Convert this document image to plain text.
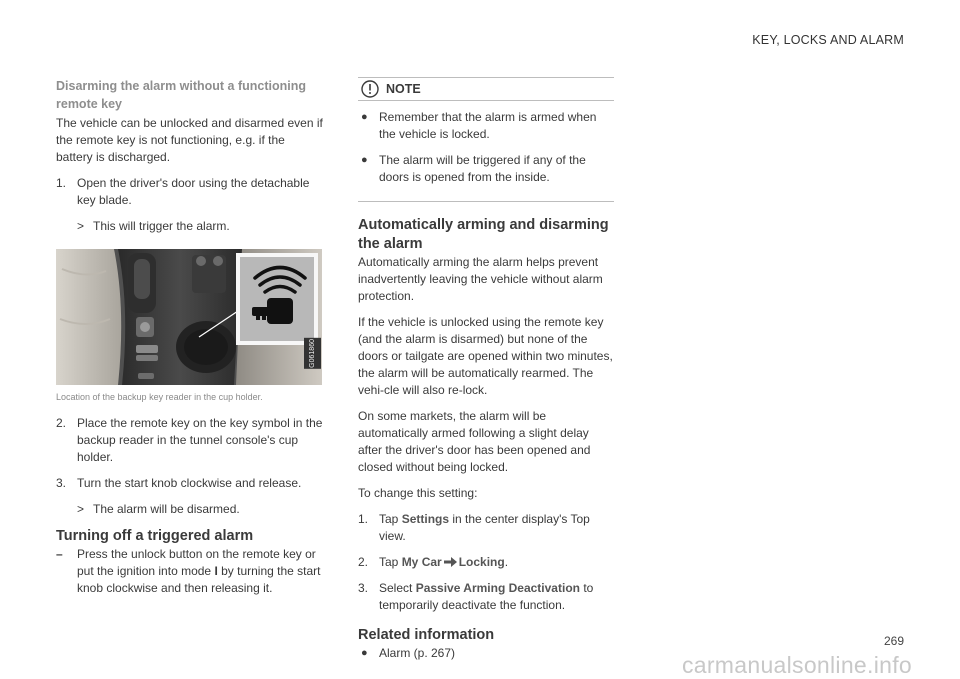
KEY, LOCKS AND ALARM
Disarming the alarm without a functioning remote key

The vehicle can be unlocked and disarmed even if the remote key is not functioning, e.g. if the battery is discharged.

1. Open the driver's door using the detachable key blade.
> This will trigger the alarm.
G061860
Location of the backup key reader in the cup holder.
2. Place the remote key on the key symbol in the backup reader in the tunnel console's cup holder.
3. Turn the start knob clockwise and release.
> The alarm will be disarmed.
Turning off a triggered alarm
– Press the unlock button on the remote key or put the ignition into mode I by turning the start knob clockwise and then releasing it.
NOTE
● Remember that the alarm is armed when the vehicle is locked.
● The alarm will be triggered if any of the doors is opened from the inside.
Automatically arming and disarming the alarm

Automatically arming the alarm helps prevent inadvertently leaving the vehicle without alarm protection.

If the vehicle is unlocked using the remote key (and the alarm is disarmed) but none of the doors or tailgate are opened within two minutes, the alarm will be automatically rearmed. The vehi-cle will also re-lock.

On some markets, the alarm will be automatically armed following a slight delay after the driver's door has been opened and closed without being locked.

To change this setting:

1. Tap Settings in the center display's Top view.
2. Tap My Car Locking.
3. Select Passive Arming Deactivation to temporarily deactivate the function.
Related information
● Alarm (p. 267)
269
carmanualsonline.info
